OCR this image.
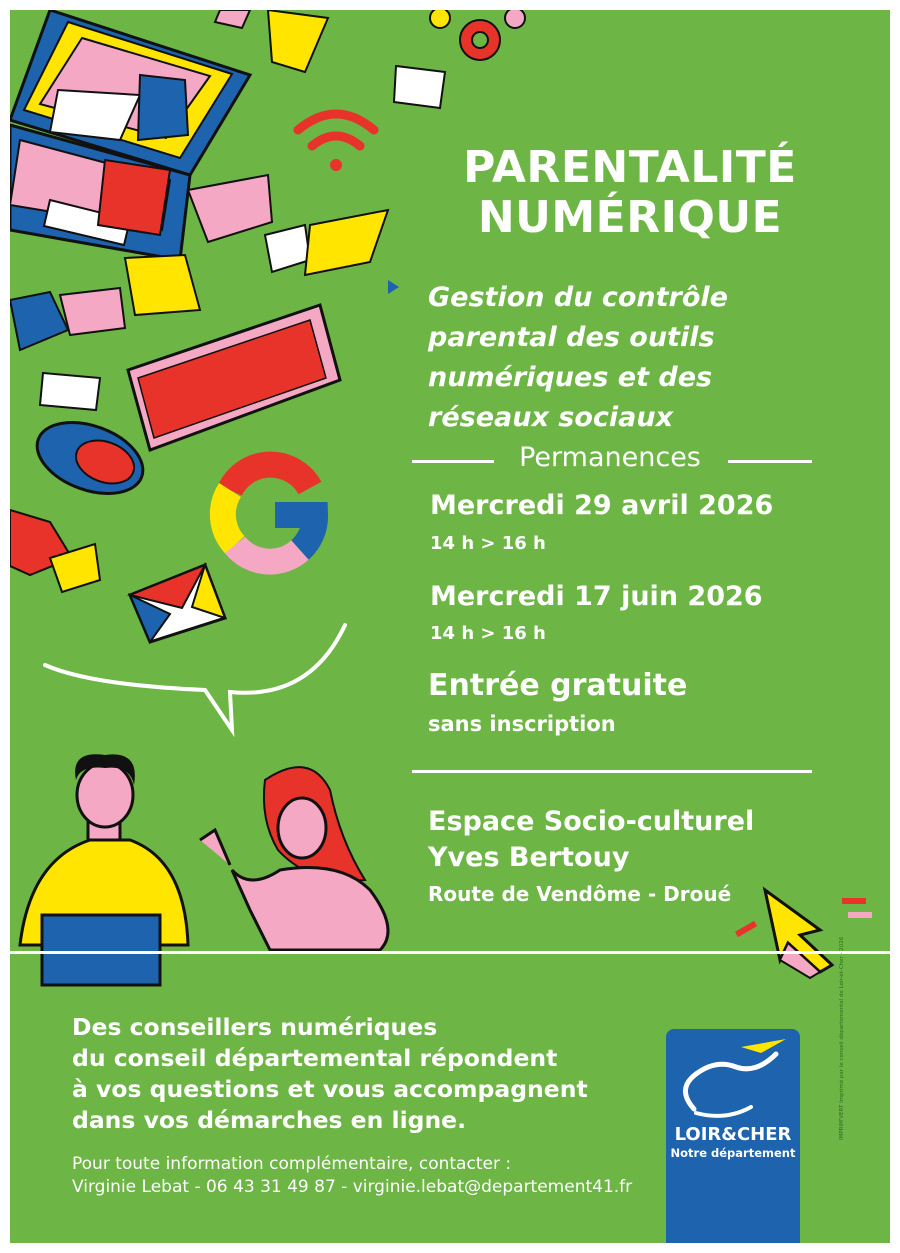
PARENTALITÉ
NUMÉRIQUE
Gestion du contrôle
parental des outils
numériques et des
réseaux sociaux
Permanences
Mercredi 29 avril 2026
14 h > 16 h
Mercredi 17 juin 2026
14 h > 16 h
Entrée gratuite
sans inscription
Espace Socio-culturel
Yves Bertouy
Route de Vendôme - Droué
Des conseillers numériques
du conseil départemental répondent
à vos questions et vous accompagnent
dans vos démarches en ligne.
Pour toute information complémentaire, contacter :
Virginie Lebat - 06 43 31 49 87 - virginie.lebat@departement41.fr
LOIR&CHER
Notre département
IMPRIM'VERT Imprimé par le conseil départemental de Loir-et-Cher - 2026
